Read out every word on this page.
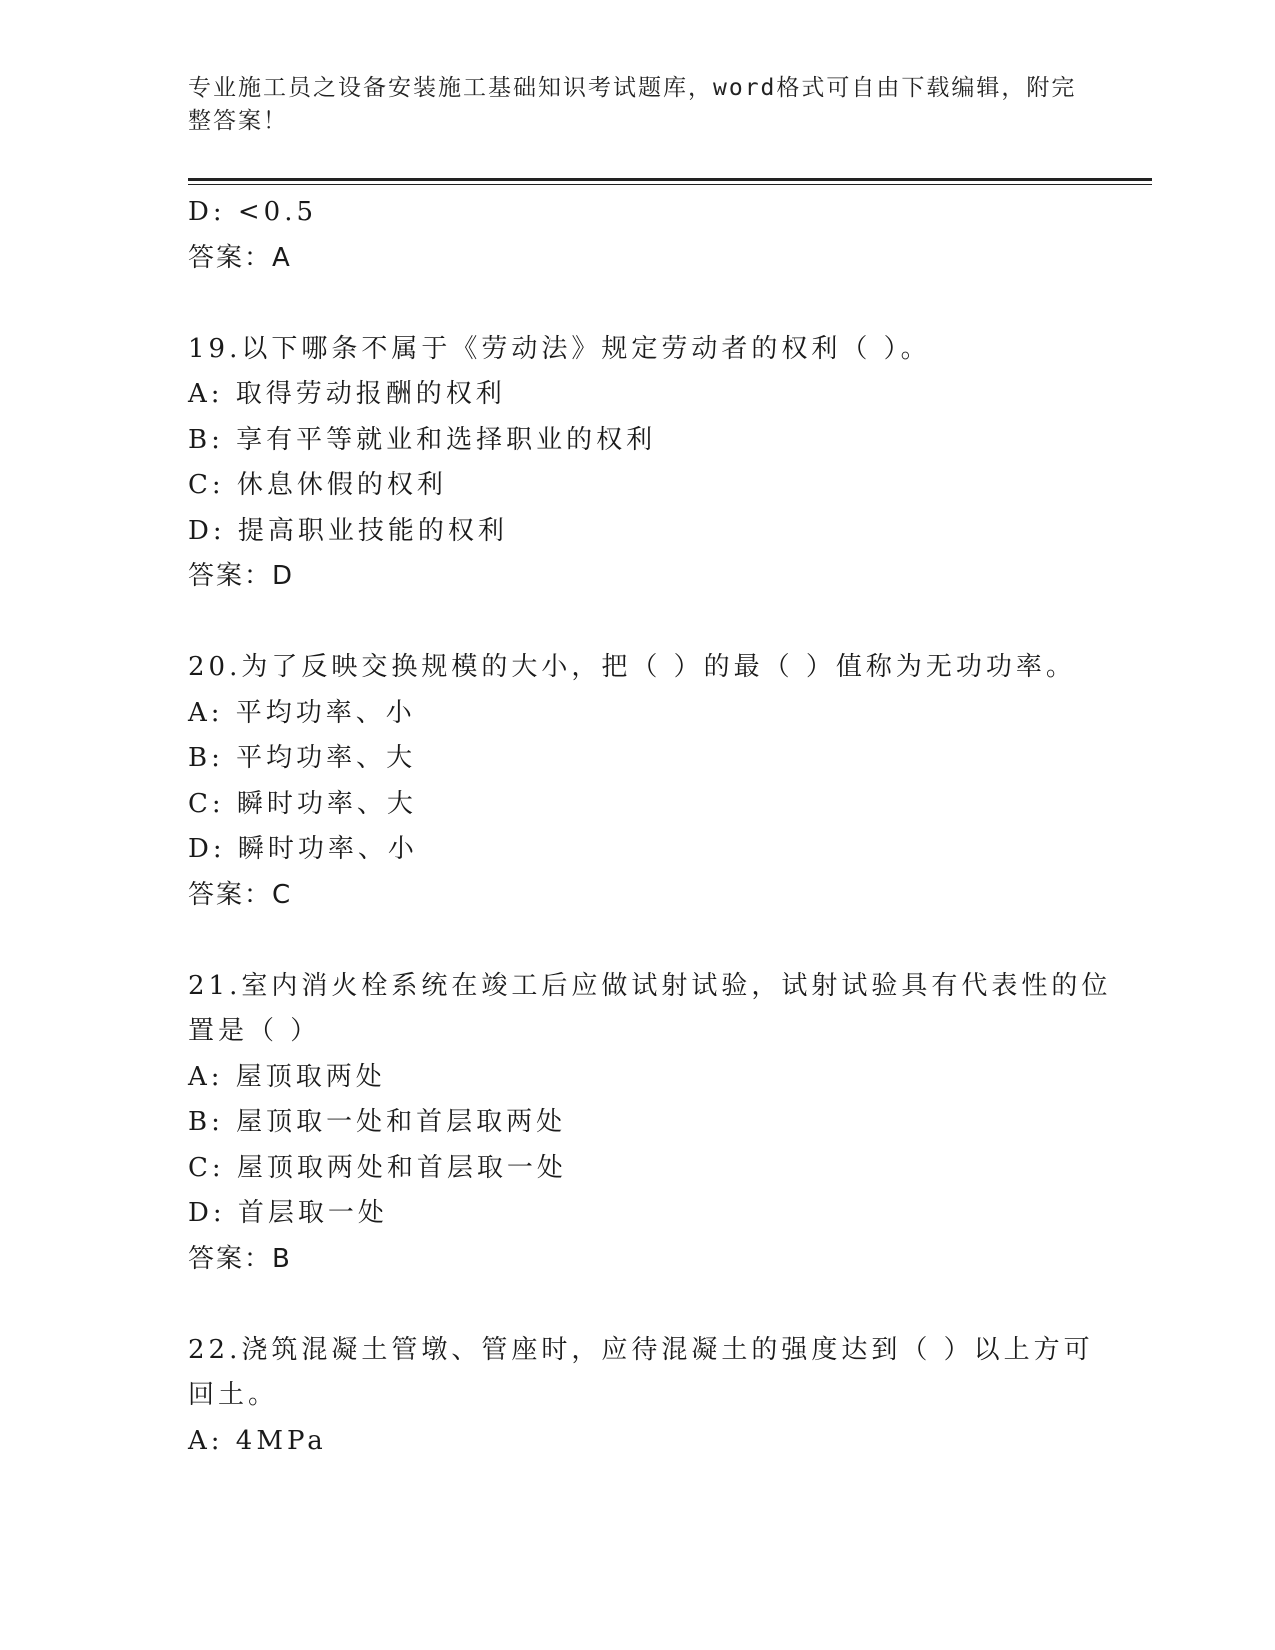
专业施工员之设备安装施工基础知识考试题库，word格式可自由下载编辑，附完
整答案！
D: <0.5
答案：A
19.以下哪条不属于《劳动法》规定劳动者的权利（ ）。
A: 取得劳动报酬的权利
B: 享有平等就业和选择职业的权利
C: 休息休假的权利
D: 提高职业技能的权利
答案：D
20.为了反映交换规模的大小，把（ ）的最（ ）值称为无功功率。
A: 平均功率、小
B: 平均功率、大
C: 瞬时功率、大
D: 瞬时功率、小
答案：C
21.室内消火栓系统在竣工后应做试射试验，试射试验具有代表性的位
置是（ ）
A: 屋顶取两处
B: 屋顶取一处和首层取两处
C: 屋顶取两处和首层取一处
D: 首层取一处
答案：B
22.浇筑混凝土管墩、管座时，应待混凝土的强度达到（ ）以上方可
回土。
A: 4MPa
